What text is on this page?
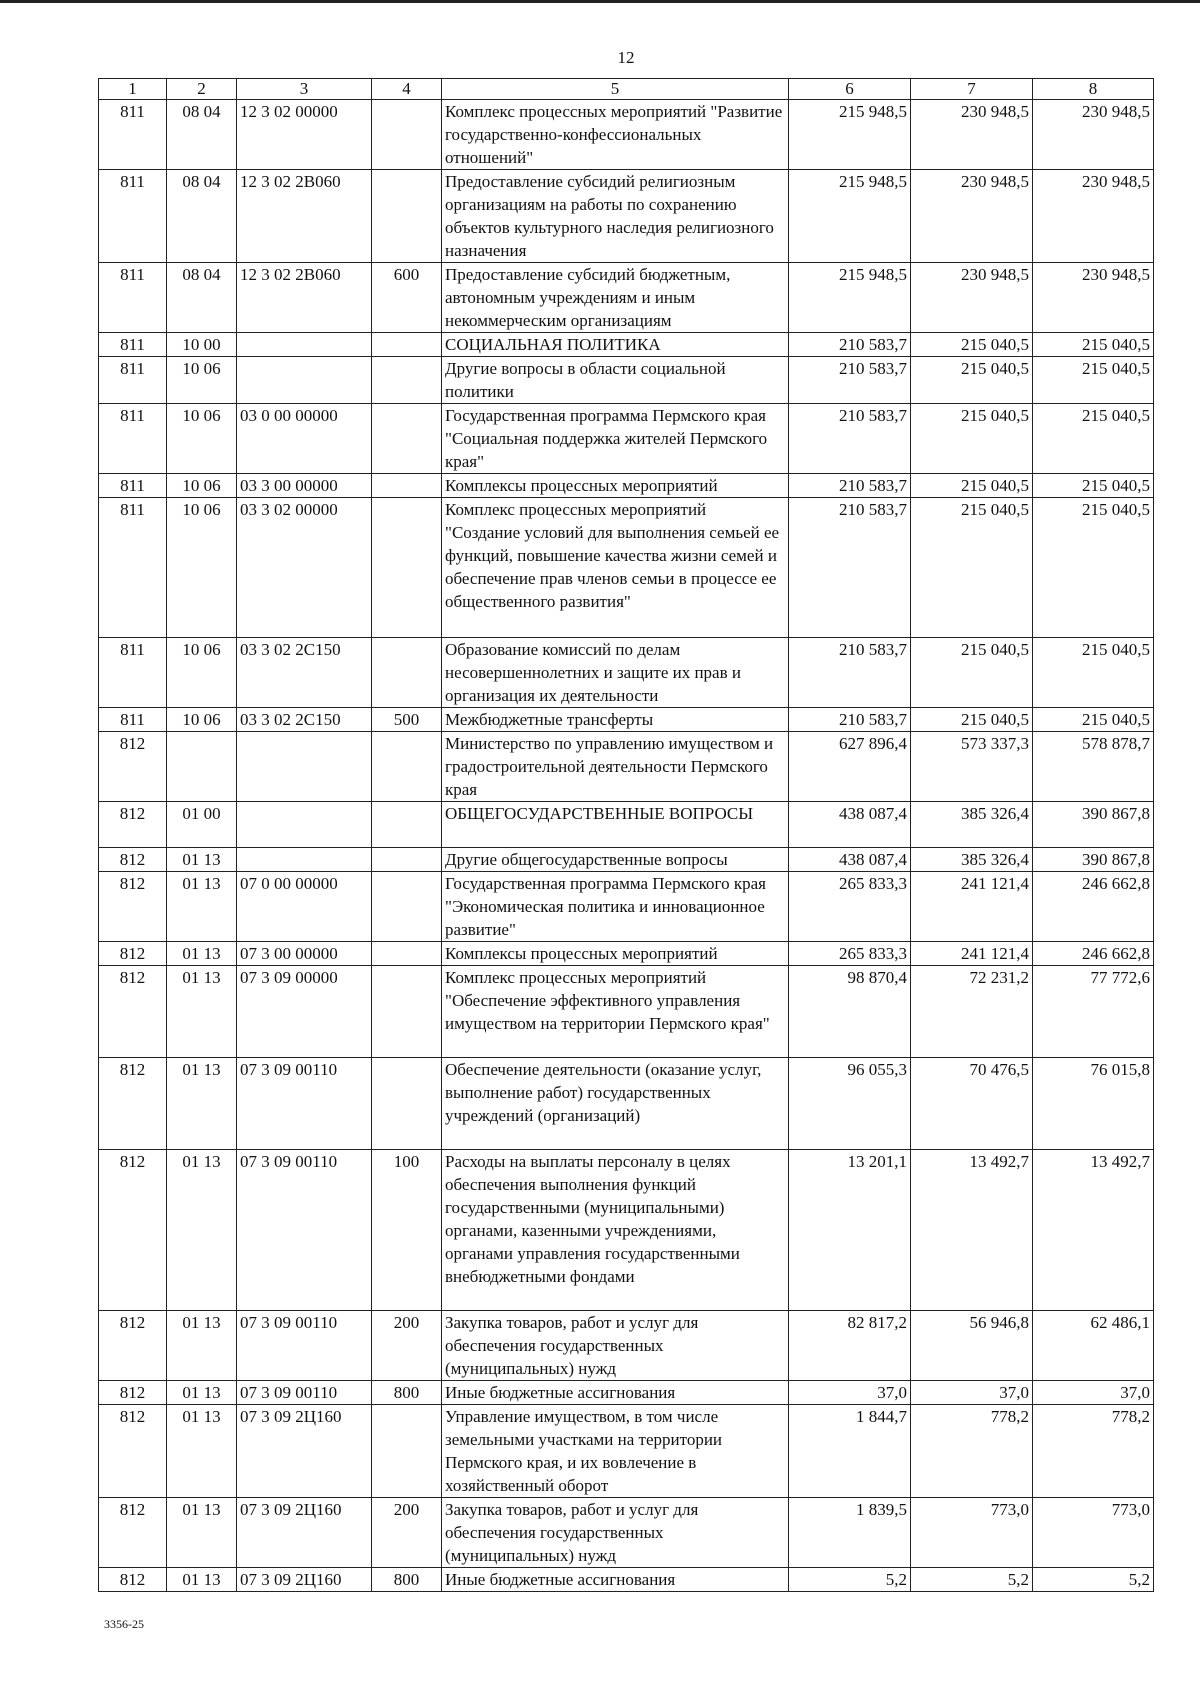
12
1	2	3	4	5	6	7	8
811	08 04	12 3 02 00000		Комплекс процессных мероприятий "Развитие государственно-конфессиональных отношений"	215 948,5	230 948,5	230 948,5
811	08 04	12 3 02 2В060		Предоставление субсидий религиозным организациям на работы по сохранению объектов культурного наследия религиозного назначения	215 948,5	230 948,5	230 948,5
811	08 04	12 3 02 2В060	600	Предоставление субсидий бюджетным, автономным учреждениям и иным некоммерческим организациям	215 948,5	230 948,5	230 948,5
811	10 00			СОЦИАЛЬНАЯ ПОЛИТИКА	210 583,7	215 040,5	215 040,5
811	10 06			Другие вопросы в области социальной политики	210 583,7	215 040,5	215 040,5
811	10 06	03 0 00 00000		Государственная программа Пермского края "Социальная поддержка жителей Пермского края"	210 583,7	215 040,5	215 040,5
811	10 06	03 3 00 00000		Комплексы процессных мероприятий	210 583,7	215 040,5	215 040,5
811	10 06	03 3 02 00000		Комплекс процессных мероприятий "Создание условий для выполнения семьей ее функций, повышение качества жизни семей и обеспечение прав членов семьи в процессе ее общественного развития"	210 583,7	215 040,5	215 040,5
811	10 06	03 3 02 2С150		Образование комиссий по делам несовершеннолетних и защите их прав и организация их деятельности	210 583,7	215 040,5	215 040,5
811	10 06	03 3 02 2С150	500	Межбюджетные трансферты	210 583,7	215 040,5	215 040,5
812				Министерство по управлению имуществом и градостроительной деятельности Пермского края	627 896,4	573 337,3	578 878,7
812	01 00			ОБЩЕГОСУДАРСТВЕННЫЕ ВОПРОСЫ	438 087,4	385 326,4	390 867,8
812	01 13			Другие общегосударственные вопросы	438 087,4	385 326,4	390 867,8
812	01 13	07 0 00 00000		Государственная программа Пермского края "Экономическая политика и инновационное развитие"	265 833,3	241 121,4	246 662,8
812	01 13	07 3 00 00000		Комплексы процессных мероприятий	265 833,3	241 121,4	246 662,8
812	01 13	07 3 09 00000		Комплекс процессных мероприятий "Обеспечение эффективного управления имуществом на территории Пермского края"	98 870,4	72 231,2	77 772,6
812	01 13	07 3 09 00110		Обеспечение деятельности (оказание услуг, выполнение работ) государственных учреждений (организаций)	96 055,3	70 476,5	76 015,8
812	01 13	07 3 09 00110	100	Расходы на выплаты персоналу в целях обеспечения выполнения функций государственными (муниципальными) органами, казенными учреждениями, органами управления государственными внебюджетными фондами	13 201,1	13 492,7	13 492,7
812	01 13	07 3 09 00110	200	Закупка товаров, работ и услуг для обеспечения государственных (муниципальных) нужд	82 817,2	56 946,8	62 486,1
812	01 13	07 3 09 00110	800	Иные бюджетные ассигнования	37,0	37,0	37,0
812	01 13	07 3 09 2Ц160		Управление имуществом, в том числе земельными участками на территории Пермского края, и их вовлечение в хозяйственный оборот	1 844,7	778,2	778,2
812	01 13	07 3 09 2Ц160	200	Закупка товаров, работ и услуг для обеспечения государственных (муниципальных) нужд	1 839,5	773,0	773,0
812	01 13	07 3 09 2Ц160	800	Иные бюджетные ассигнования	5,2	5,2	5,2
3356-25
